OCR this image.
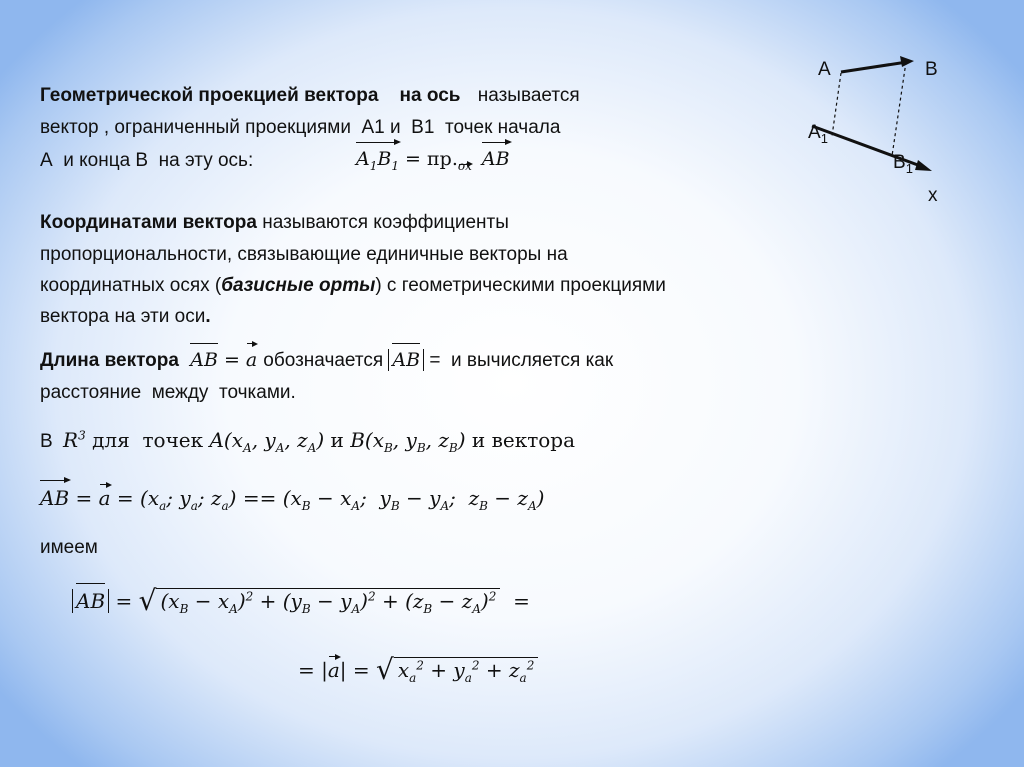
Геометрической проекцией вектора    на ось называется
вектор , ограниченный проекциями  А1 и  В1  точек начала
А  и конца В  на эту ось:	$A_1B_1 = пр._{ox}$ AB
A	B
$A_1$
$B_1$
x
Координатами вектора называются коэффициенты
пропорциональности, связывающие единичные векторы на
координатных осях (базисные орты) с геометрическими проекциями
вектора на эти оси.
Длина вектора AB = a обозначается AB =  и вычисляется как
расстояние  между  точками.
В $R^3$ для  точек $A(x_A$, $y_A$, $z_A$) и $B(x_B$, $y_B$, $z_B$) и вектора
AB = $a = (x_a$; $y_a$; $z_a) == (x_B - x_A$;  $y_B - y_A$;  $z_B - z_A$)
имеем
AB = √ $(x_B - x_A)^2 + (y_B - y_A)^2 + (z_B - z_A)^2$  =
= |a| = √ $x_a^2 + y_a^2 + z_a^2$
